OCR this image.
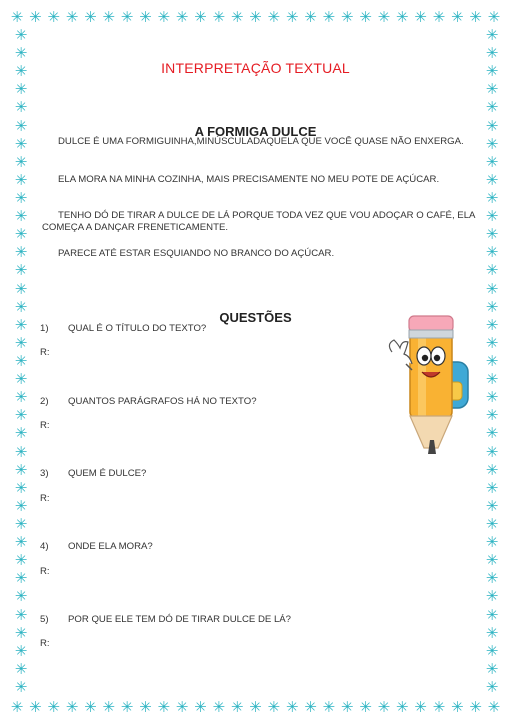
✳ ✳ ✳ ✳ ✳ ✳ ✳ ✳ ✳ ✳ ✳ ✳ ✳ ✳ ✳ ✳ ✳ ✳ ✳ ✳ ✳ ✳ ✳ ✳ ✳ ✳ ✳
✳ ✳ ✳ ✳ ✳ ✳ ✳ ✳ ✳ ✳ ✳ ✳ ✳ ✳ ✳ ✳ ✳ ✳ ✳ ✳ ✳ ✳ ✳ ✳ ✳ ✳ ✳
✳
✳
✳
✳
✳
✳
✳
✳
✳
✳
✳
✳
✳
✳
✳
✳
✳
✳
✳
✳
✳
✳
✳
✳
✳
✳
✳
✳
✳
✳
✳
✳
✳
✳
✳
✳
✳
✳
✳
✳
✳
✳
✳
✳
✳
✳
✳
✳
✳
✳
✳
✳
✳
✳
✳
✳
✳
✳
✳
✳
✳
✳
✳
✳
✳
✳
✳
✳
✳
✳
✳
✳
✳
✳
INTERPRETAÇÃO TEXTUAL
A FORMIGA DULCE
DULCE É UMA FORMIGUINHA,MINÚSCULADAQUELA QUE VOCÊ QUASE NÃO ENXERGA.
ELA MORA NA MINHA COZINHA, MAIS PRECISAMENTE NO MEU POTE DE AÇÚCAR.
TENHO DÓ DE TIRAR A DULCE DE LÁ PORQUE TODA VEZ QUE VOU ADOÇAR O CAFÉ, ELA COMEÇA A DANÇAR FRENETICAMENTE.
PARECE ATÉ ESTAR ESQUIANDO NO BRANCO DO AÇÚCAR.
QUESTÕES
1) QUAL É O TÍTULO DO TEXTO?
R:
2) QUANTOS PARÁGRAFOS HÁ NO TEXTO?
R:
3) QUEM É DULCE?
R:
4) ONDE ELA MORA?
R:
5) POR QUE ELE TEM DÓ DE TIRAR DULCE DE LÁ?
R:
